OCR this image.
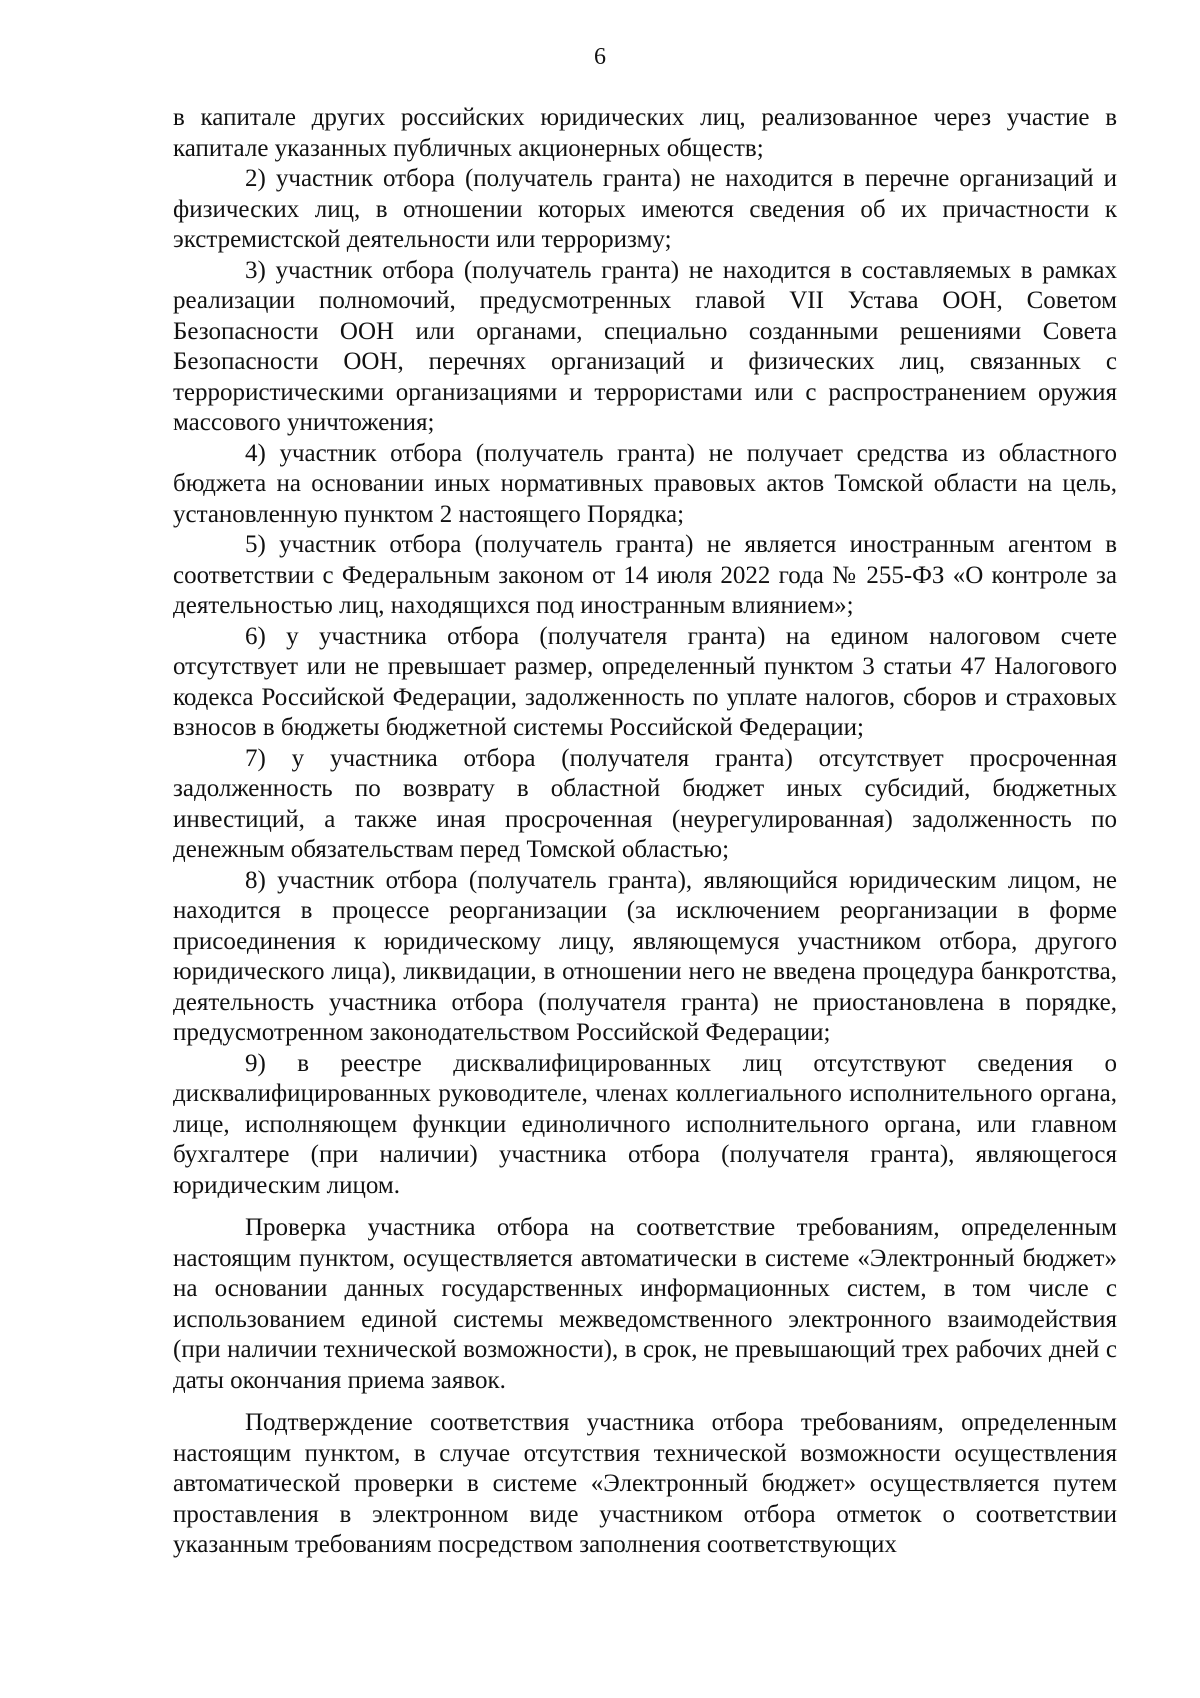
6

в капитале других российских юридических лиц, реализованное через участие в капитале указанных публичных акционерных обществ;

2) участник отбора (получатель гранта) не находится в перечне организаций и физических лиц, в отношении которых имеются сведения об их причастности к экстремистской деятельности или терроризму;

3) участник отбора (получатель гранта) не находится в составляемых в рамках реализации полномочий, предусмотренных главой VII Устава ООН, Советом Безопасности ООН или органами, специально созданными решениями Совета Безопасности ООН, перечнях организаций и физических лиц, связанных с террористическими организациями и террористами или с распространением оружия массового уничтожения;

4) участник отбора (получатель гранта) не получает средства из областного бюджета на основании иных нормативных правовых актов Томской области на цель, установленную пунктом 2 настоящего Порядка;

5) участник отбора (получатель гранта) не является иностранным агентом в соответствии с Федеральным законом от 14 июля 2022 года № 255-ФЗ «О контроле за деятельностью лиц, находящихся под иностранным влиянием»;

6) у участника отбора (получателя гранта) на едином налоговом счете отсутствует или не превышает размер, определенный пунктом 3 статьи 47 Налогового кодекса Российской Федерации, задолженность по уплате налогов, сборов и страховых взносов в бюджеты бюджетной системы Российской Федерации;

7) у участника отбора (получателя гранта) отсутствует просроченная задолженность по возврату в областной бюджет иных субсидий, бюджетных инвестиций, а также иная просроченная (неурегулированная) задолженность по денежным обязательствам перед Томской областью;

8) участник отбора (получатель гранта), являющийся юридическим лицом, не находится в процессе реорганизации (за исключением реорганизации в форме присоединения к юридическому лицу, являющемуся участником отбора, другого юридического лица), ликвидации, в отношении него не введена процедура банкротства, деятельность участника отбора (получателя гранта) не приостановлена в порядке, предусмотренном законодательством Российской Федерации;

9) в реестре дисквалифицированных лиц отсутствуют сведения о дисквалифицированных руководителе, членах коллегиального исполнительного органа, лице, исполняющем функции единоличного исполнительного органа, или главном бухгалтере (при наличии) участника отбора (получателя гранта), являющегося юридическим лицом.

Проверка участника отбора на соответствие требованиям, определенным настоящим пунктом, осуществляется автоматически в системе «Электронный бюджет» на основании данных государственных информационных систем, в том числе с использованием единой системы межведомственного электронного взаимодействия (при наличии технической возможности), в срок, не превышающий трех рабочих дней с даты окончания приема заявок.

Подтверждение соответствия участника отбора требованиям, определенным настоящим пунктом, в случае отсутствия технической возможности осуществления автоматической проверки в системе «Электронный бюджет» осуществляется путем проставления в электронном виде участником отбора отметок о соответствии указанным требованиям посредством заполнения соответствующих
